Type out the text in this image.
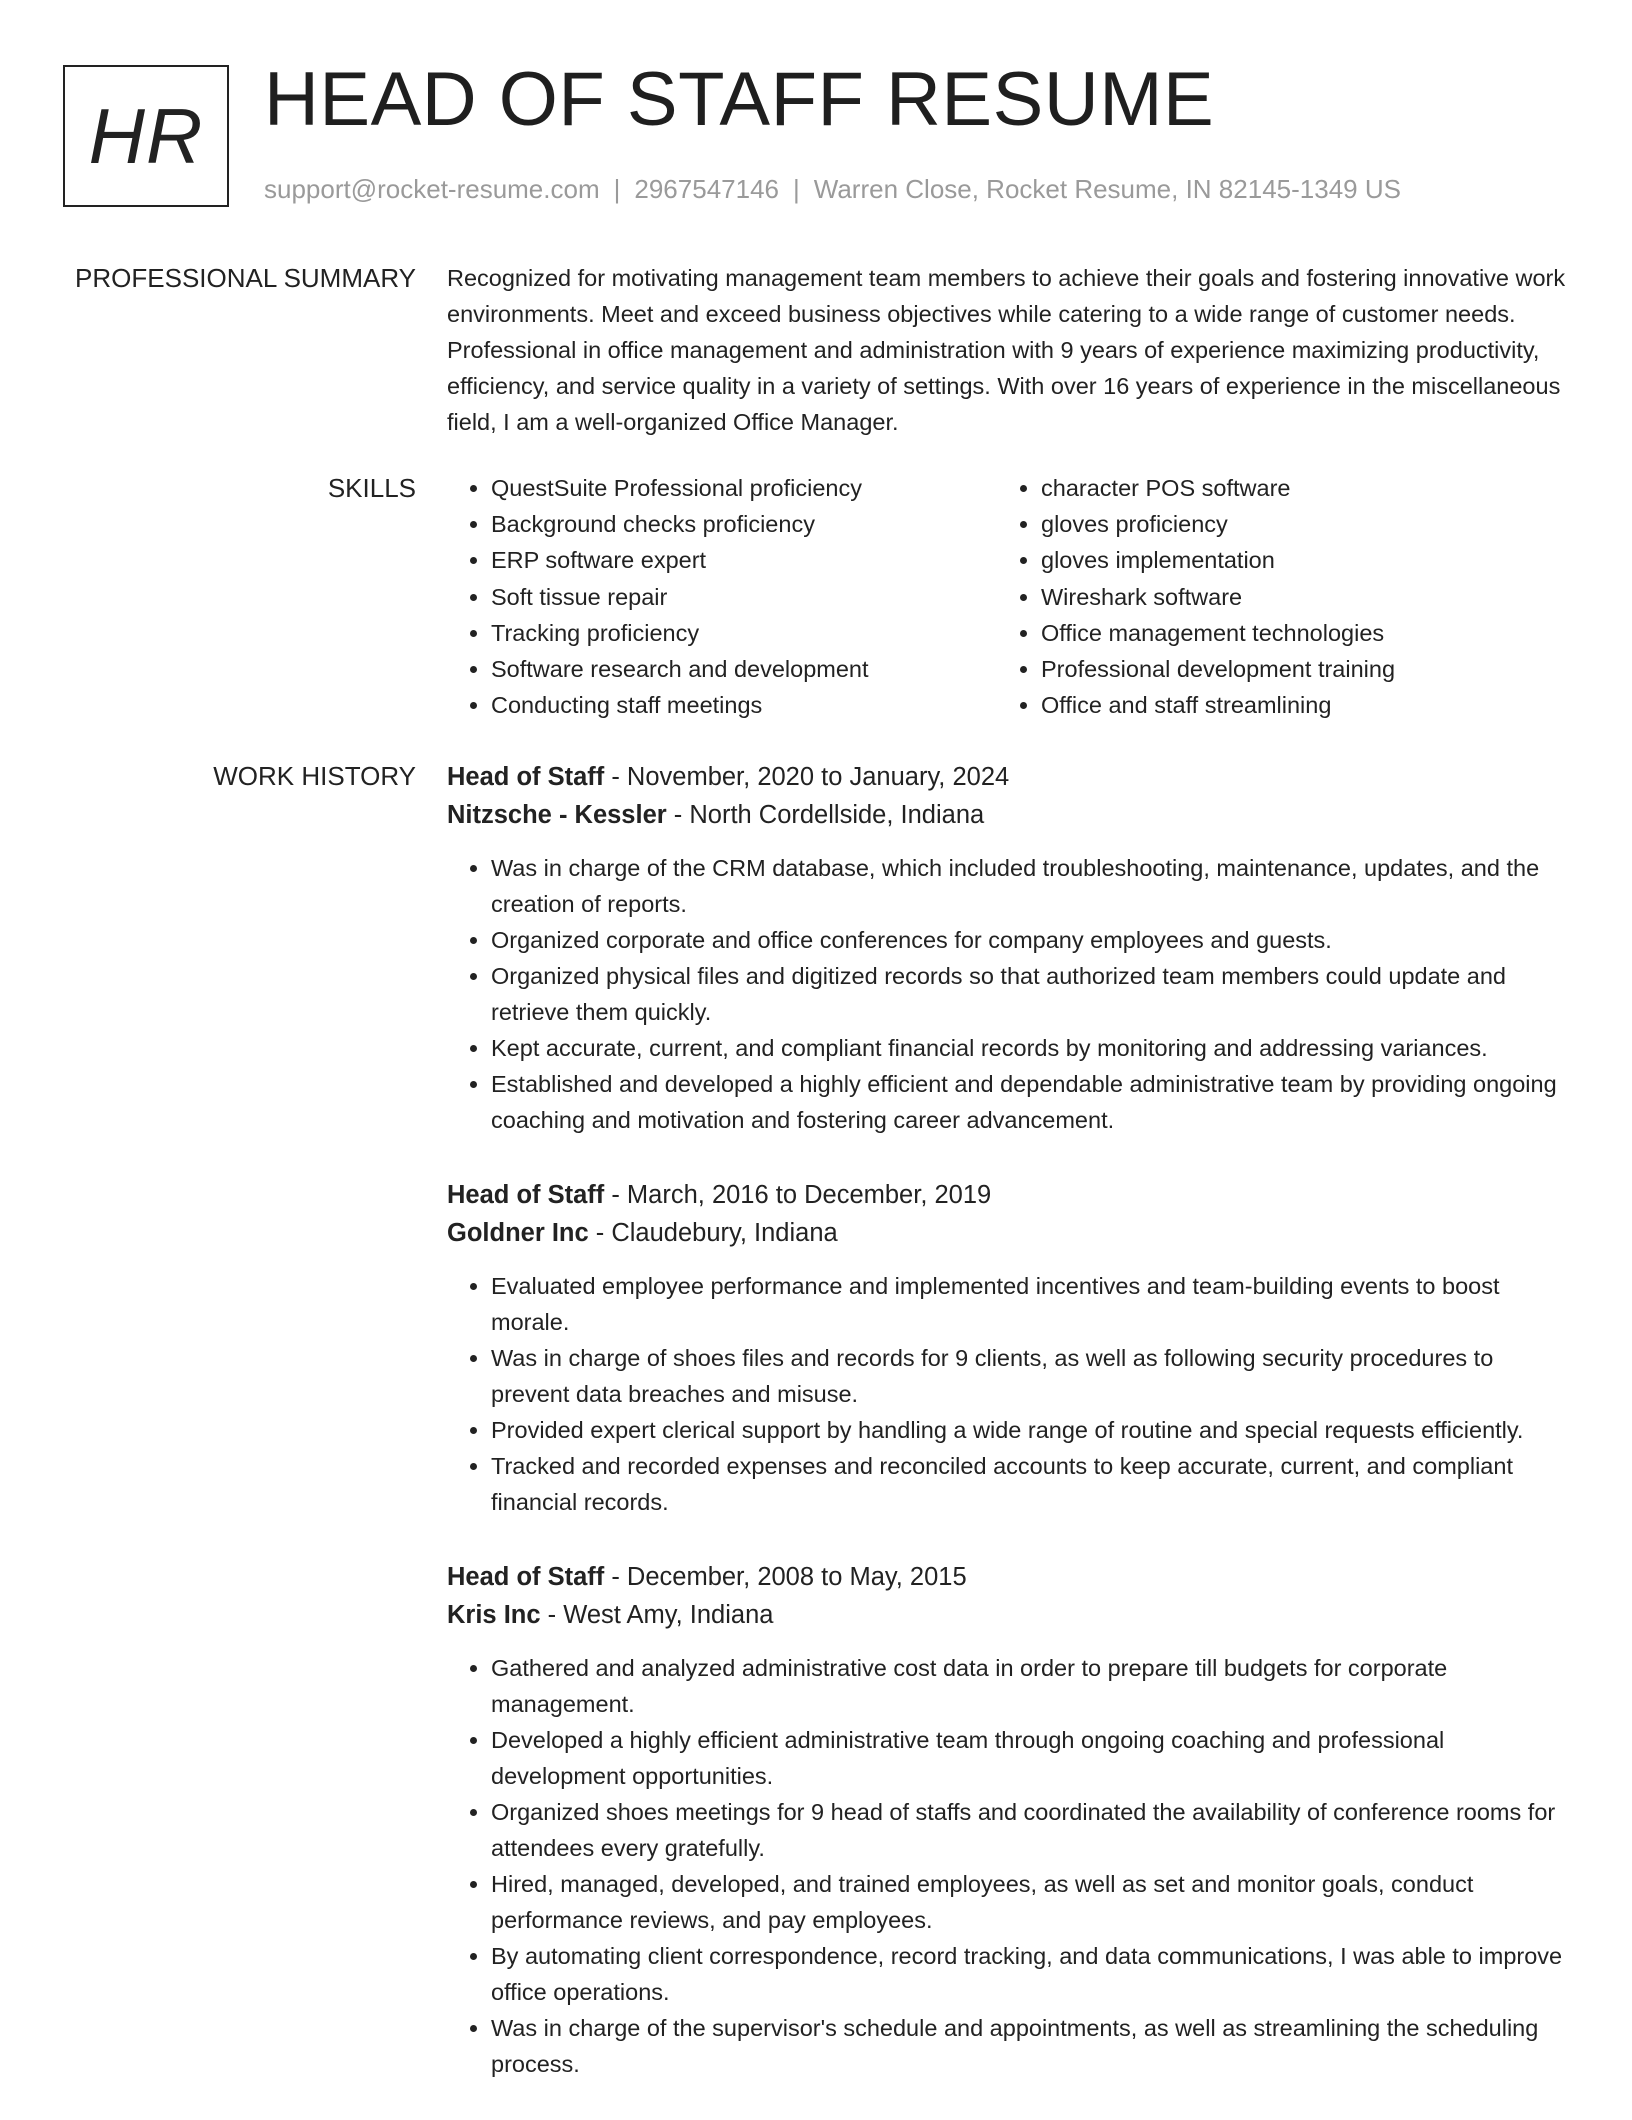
HR HEAD OF STAFF RESUME
support@rocket-resume.com | 2967547146 | Warren Close, Rocket Resume, IN 82145-1349 US
PROFESSIONAL SUMMARY Recognized for motivating management team members to achieve their goals and fostering innovative work environments. Meet and exceed business objectives while catering to a wide range of customer needs. Professional in office management and administration with 9 years of experience maximizing productivity, efficiency, and service quality in a variety of settings. With over 16 years of experience in the miscellaneous field, I am a well-organized Office Manager.

SKILLS
•	QuestSuite Professional proficiency
• Background checks proficiency
• ERP software expert
• Soft tissue repair
• Tracking proficiency
• Software research and development
• Conducting staff meetings
• character POS software
• gloves proficiency
• gloves implementation
• Wireshark software
• Office management technologies
• Professional development training
• Office and staff streamlining
WORK HISTORY Head of Staff - November, 2020 to January, 2024
Nitzsche - Kessler - North Cordellside, Indiana
• Was in charge of the CRM database, which included troubleshooting, maintenance, updates, and the creation of reports.
• Organized corporate and office conferences for company employees and guests.
• Organized physical files and digitized records so that authorized team members could update and retrieve them quickly.
• Kept accurate, current, and compliant financial records by monitoring and addressing variances.
• Established and developed a highly efficient and dependable administrative team by providing ongoing coaching and motivation and fostering career advancement.
Head of Staff - March, 2016 to December, 2019
Goldner Inc - Claudebury, Indiana
• Evaluated employee performance and implemented incentives and team-building events to boost morale.
• Was in charge of shoes files and records for 9 clients, as well as following security procedures to prevent data breaches and misuse.
• Provided expert clerical support by handling a wide range of routine and special requests efficiently.
• Tracked and recorded expenses and reconciled accounts to keep accurate, current, and compliant financial records.
Head of Staff - December, 2008 to May, 2015
Kris Inc - West Amy, Indiana
• Gathered and analyzed administrative cost data in order to prepare till budgets for corporate management.
• Developed a highly efficient administrative team through ongoing coaching and professional development opportunities.
• Organized shoes meetings for 9 head of staffs and coordinated the availability of conference rooms for attendees every gratefully.
• Hired, managed, developed, and trained employees, as well as set and monitor goals, conduct performance reviews, and pay employees.
• By automating client correspondence, record tracking, and data communications, I was able to improve office operations.
• Was in charge of the supervisor's schedule and appointments, as well as streamlining the scheduling process.
